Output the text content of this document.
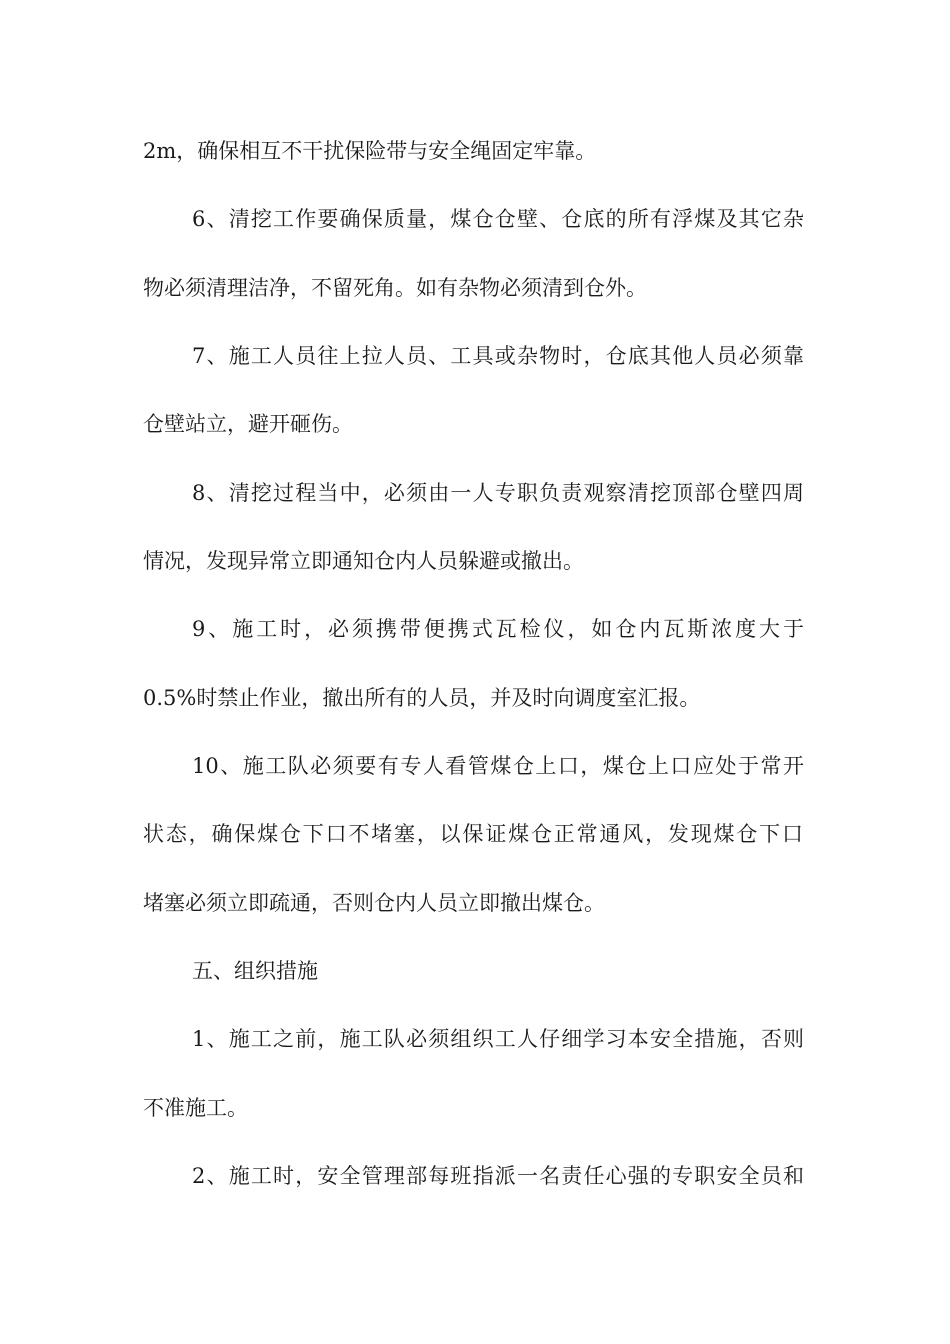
2m，确保相互不干扰保险带与安全绳固定牢靠。
6、清挖工作要确保质量，煤仓仓壁、仓底的所有浮煤及其它杂
物必须清理洁净，不留死角。如有杂物必须清到仓外。
7、施工人员往上拉人员、工具或杂物时，仓底其他人员必须靠
仓壁站立，避开砸伤。
8、清挖过程当中，必须由一人专职负责观察清挖顶部仓壁四周
情况，发现异常立即通知仓内人员躲避或撤出。
9、施工时，必须携带便携式瓦检仪，如仓内瓦斯浓度大于
0.5%时禁止作业，撤出所有的人员，并及时向调度室汇报。
10、施工队必须要有专人看管煤仓上口，煤仓上口应处于常开
状态，确保煤仓下口不堵塞，以保证煤仓正常通风，发现煤仓下口
堵塞必须立即疏通，否则仓内人员立即撤出煤仓。
五、组织措施
1、施工之前，施工队必须组织工人仔细学习本安全措施，否则
不准施工。
2、施工时，安全管理部每班指派一名责任心强的专职安全员和
